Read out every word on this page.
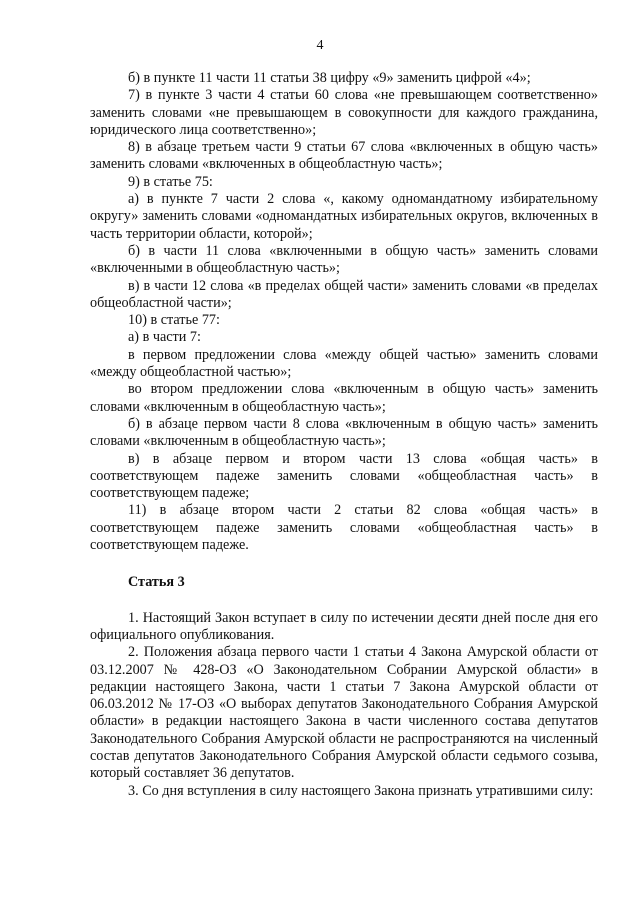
4

б) в пункте 11 части 11 статьи 38 цифру «9» заменить цифрой «4»;

7) в пункте 3 части 4 статьи 60 слова «не превышающем соответственно» заменить словами «не превышающем в совокупности для каждого гражданина, юридического лица соответственно»;

8) в абзаце третьем части 9 статьи 67 слова «включенных в общую часть» заменить словами «включенных в общеобластную часть»;

9) в статье 75:

а) в пункте 7 части 2 слова «, какому одномандатному избирательному округу» заменить словами «одномандатных избирательных округов, включенных в часть территории области, которой»;

б) в части 11 слова «включенными в общую часть» заменить словами «включенными в общеобластную часть»;

в) в части 12 слова «в пределах общей части» заменить словами «в пределах общеобластной части»;

10) в статье 77:

а) в части 7:

в первом предложении слова «между общей частью» заменить словами «между общеобластной частью»;

во втором предложении слова «включенным в общую часть» заменить словами «включенным в общеобластную часть»;

б) в абзаце первом части 8 слова «включенным в общую часть» заменить словами «включенным в общеобластную часть»;

в) в абзаце первом и втором части 13 слова «общая часть» в соответствующем падеже заменить словами «общеобластная часть» в соответствующем падеже;

11) в абзаце втором части 2 статьи 82 слова «общая часть» в соответствующем падеже заменить словами «общеобластная часть» в соответствующем падеже.

Статья 3

1. Настоящий Закон вступает в силу по истечении десяти дней после дня его официального опубликования.

2. Положения абзаца первого части 1 статьи 4 Закона Амурской области от 03.12.2007 № 428-ОЗ «О Законодательном Собрании Амурской области» в редакции настоящего Закона, части 1 статьи 7 Закона Амурской области от 06.03.2012 № 17-ОЗ «О выборах депутатов Законодательного Собрания Амурской области» в редакции настоящего Закона в части численного состава депутатов Законодательного Собрания Амурской области не распространяются на численный состав депутатов Законодательного Собрания Амурской области седьмого созыва, который составляет 36 депутатов.

3. Со дня вступления в силу настоящего Закона признать утратившими силу:
